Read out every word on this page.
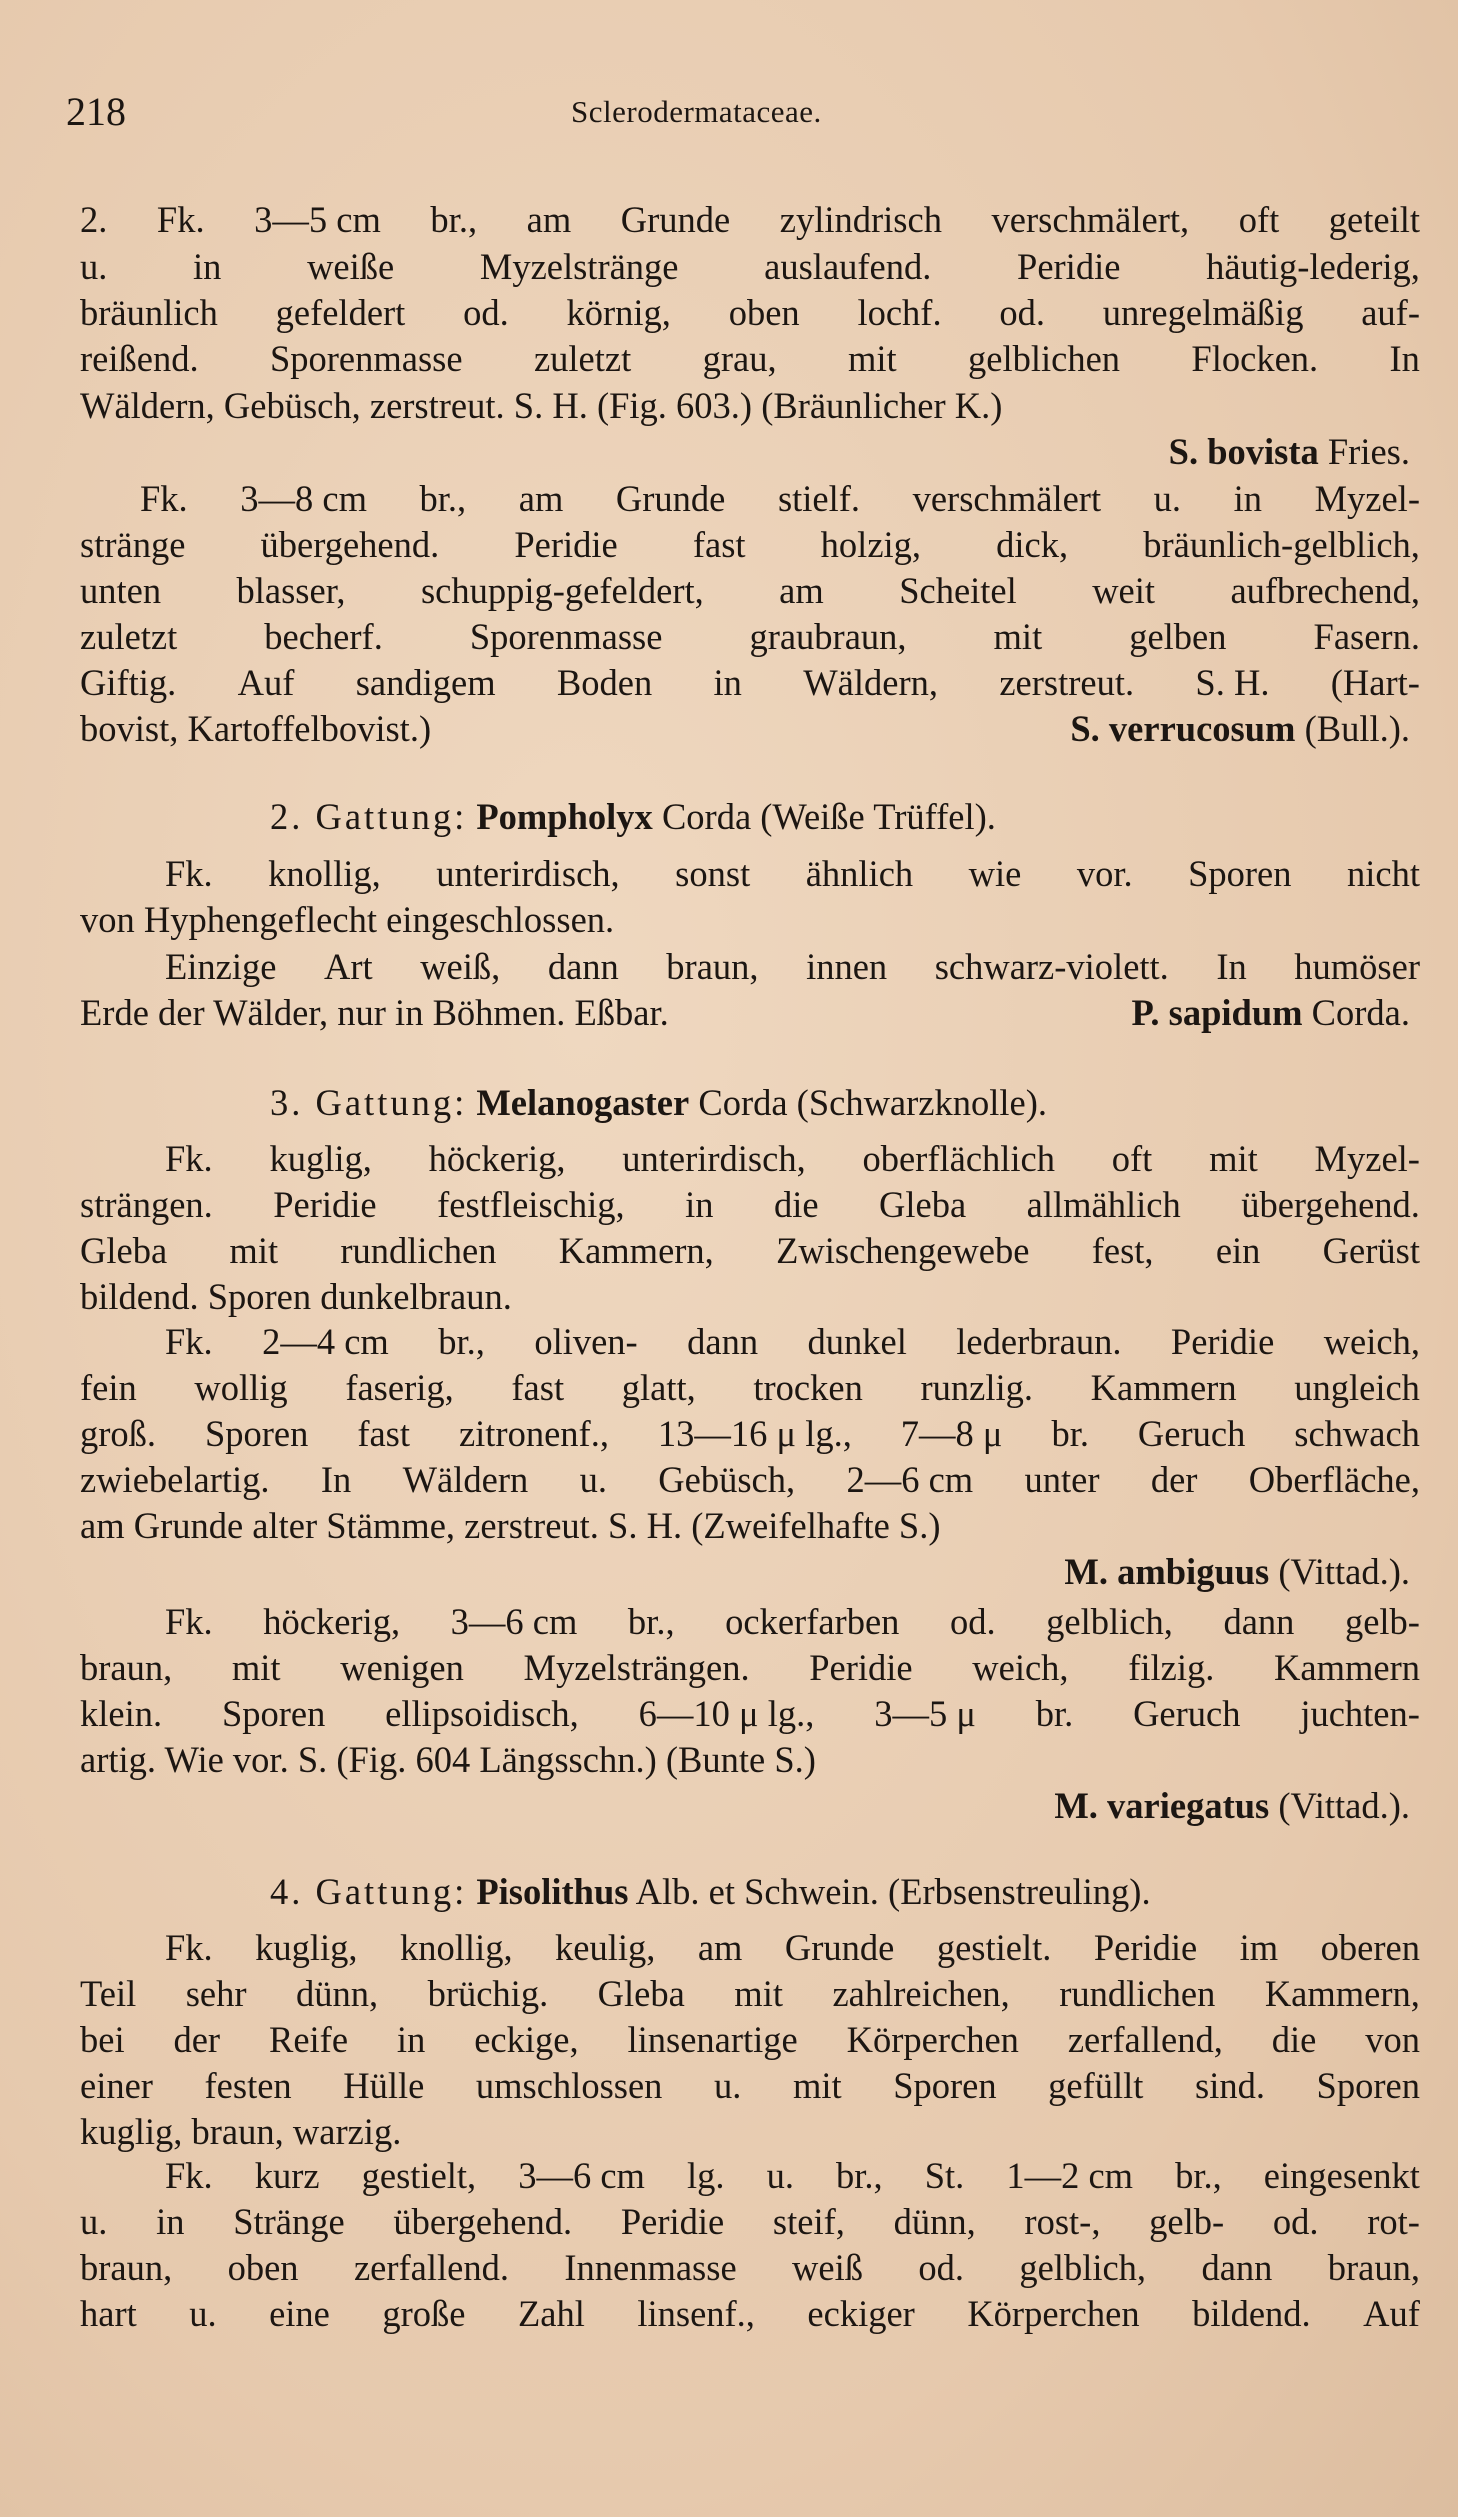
218	Sclerodermataceae.
2. Fk. 3—5 cm br., am Grunde zylindrisch verschmälert, oft geteilt
u. in weiße Myzelstränge auslaufend. Peridie häutig-lederig,
bräunlich gefeldert od. körnig, oben lochf. od. unregelmäßig auf-
reißend. Sporenmasse zuletzt grau, mit gelblichen Flocken. In
Wäldern, Gebüsch, zerstreut. S. H. (Fig. 603.) (Bräunlicher K.)
S. bovista Fries.
Fk. 3—8 cm br., am Grunde stielf. verschmälert u. in Myzel-
stränge übergehend. Peridie fast holzig, dick, bräunlich-gelblich,
unten blasser, schuppig-gefeldert, am Scheitel weit aufbrechend,
zuletzt becherf. Sporenmasse graubraun, mit gelben Fasern.
Giftig. Auf sandigem Boden in Wäldern, zerstreut. S. H. (Hart-
bovist, Kartoffelbovist.)	S. verrucosum (Bull.).
2. Gattung: Pompholyx Corda (Weiße Trüffel).
Fk. knollig, unterirdisch, sonst ähnlich wie vor. Sporen nicht
von Hyphengeflecht eingeschlossen.
Einzige Art weiß, dann braun, innen schwarz-violett. In humöser
Erde der Wälder, nur in Böhmen. Eßbar.	P. sapidum Corda.
3. Gattung: Melanogaster Corda (Schwarzknolle).
Fk. kuglig, höckerig, unterirdisch, oberflächlich oft mit Myzel-
strängen. Peridie festfleischig, in die Gleba allmählich übergehend.
Gleba mit rundlichen Kammern, Zwischengewebe fest, ein Gerüst
bildend. Sporen dunkelbraun.
Fk. 2—4 cm br., oliven- dann dunkel lederbraun. Peridie weich,
fein wollig faserig, fast glatt, trocken runzlig. Kammern ungleich
groß. Sporen fast zitronenf., 13—16 μ lg., 7—8 μ br. Geruch schwach
zwiebelartig. In Wäldern u. Gebüsch, 2—6 cm unter der Oberfläche,
am Grunde alter Stämme, zerstreut. S. H. (Zweifelhafte S.)
M. ambiguus (Vittad.).
Fk. höckerig, 3—6 cm br., ockerfarben od. gelblich, dann gelb-
braun, mit wenigen Myzelsträngen. Peridie weich, filzig. Kammern
klein. Sporen ellipsoidisch, 6—10 μ lg., 3—5 μ br. Geruch juchten-
artig. Wie vor. S. (Fig. 604 Längsschn.) (Bunte S.)
M. variegatus (Vittad.).
4. Gattung: Pisolithus Alb. et Schwein. (Erbsenstreuling).
Fk. kuglig, knollig, keulig, am Grunde gestielt. Peridie im oberen
Teil sehr dünn, brüchig. Gleba mit zahlreichen, rundlichen Kammern,
bei der Reife in eckige, linsenartige Körperchen zerfallend, die von
einer festen Hülle umschlossen u. mit Sporen gefüllt sind. Sporen
kuglig, braun, warzig.
Fk. kurz gestielt, 3—6 cm lg. u. br., St. 1—2 cm br., eingesenkt
u. in Stränge übergehend. Peridie steif, dünn, rost-, gelb- od. rot-
braun, oben zerfallend. Innenmasse weiß od. gelblich, dann braun,
hart u. eine große Zahl linsenf., eckiger Körperchen bildend. Auf
